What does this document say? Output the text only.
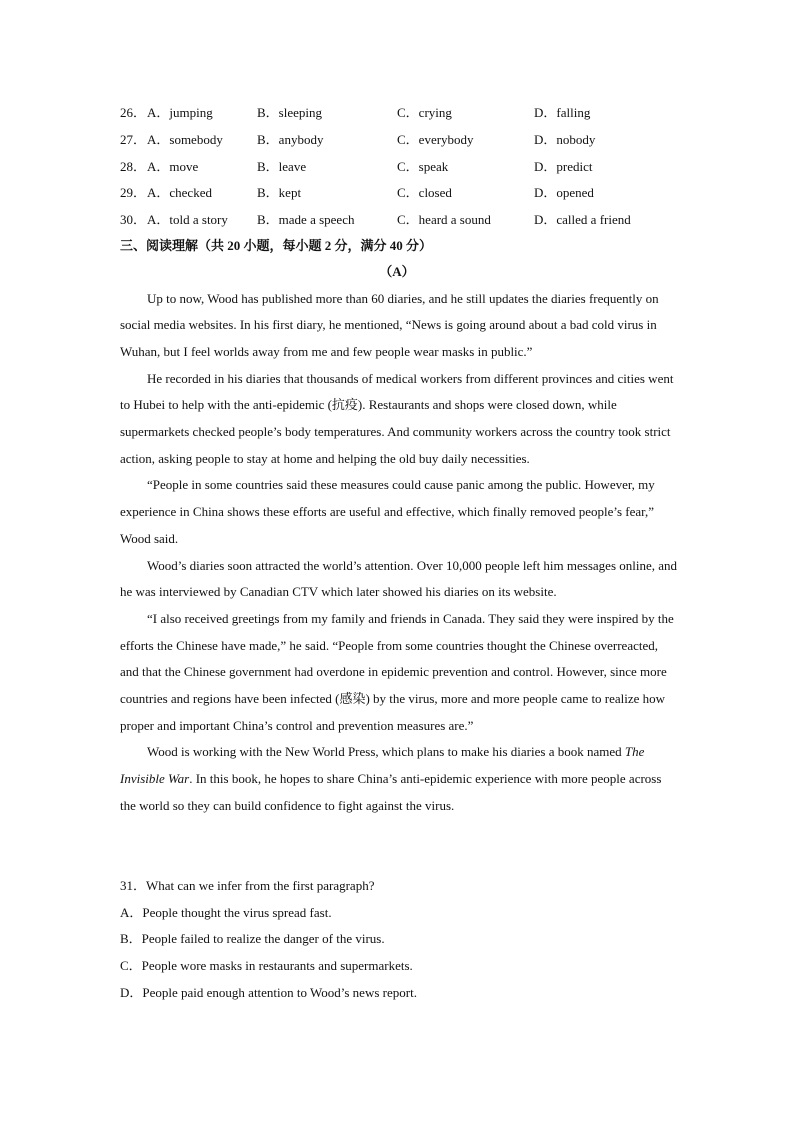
26． A．jumping	B．sleeping	C．crying	D．falling
27． A．somebody	B．anybody	C．everybody	D．nobody
28． A．move	B．leave	C．speak	D．predict
29． A．checked	B．kept	C．closed	D．opened
30． A．told a story B．made a speech	C．heard a sound	D．called a friend
三、阅读理解（共 20 小题，每小题 2 分，满分 40 分）
（A）

Up to now, Wood has published more than 60 diaries, and he still updates the diaries frequently on social media websites. In his first diary, he mentioned, “News is going around about a bad cold virus in Wuhan, but I feel worlds away from me and few people wear masks in public.”

He recorded in his diaries that thousands of medical workers from different provinces and cities went to Hubei to help with the anti-epidemic (抗疫). Restaurants and shops were closed down, while supermarkets checked people’s body temperatures. And community workers across the country took strict action, asking people to stay at home and helping the old buy daily necessities.

“People in some countries said these measures could cause panic among the public. However, my experience in China shows these efforts are useful and effective, which finally removed people’s fear,” Wood said.

Wood’s diaries soon attracted the world’s attention. Over 10,000 people left him messages online, and he was interviewed by Canadian CTV which later showed his diaries on its website.

“I also received greetings from my family and friends in Canada. They said they were inspired by the efforts the Chinese have made,” he said. “People from some countries thought the Chinese overreacted, and that the Chinese government had overdone in epidemic prevention and control. However, since more countries and regions have been infected (感染) by the virus, more and more people came to realize how proper and important China’s control and prevention measures are.”

Wood is working with the New World Press, which plans to make his diaries a book named The Invisible War. In this book, he hopes to share China’s anti-epidemic experience with more people across the world so they can build confidence to fight against the virus.

31．What can we infer from the first paragraph?
A．People thought the virus spread fast.
B．People failed to realize the danger of the virus.
C．People wore masks in restaurants and supermarkets.
D．People paid enough attention to Wood’s news report.
